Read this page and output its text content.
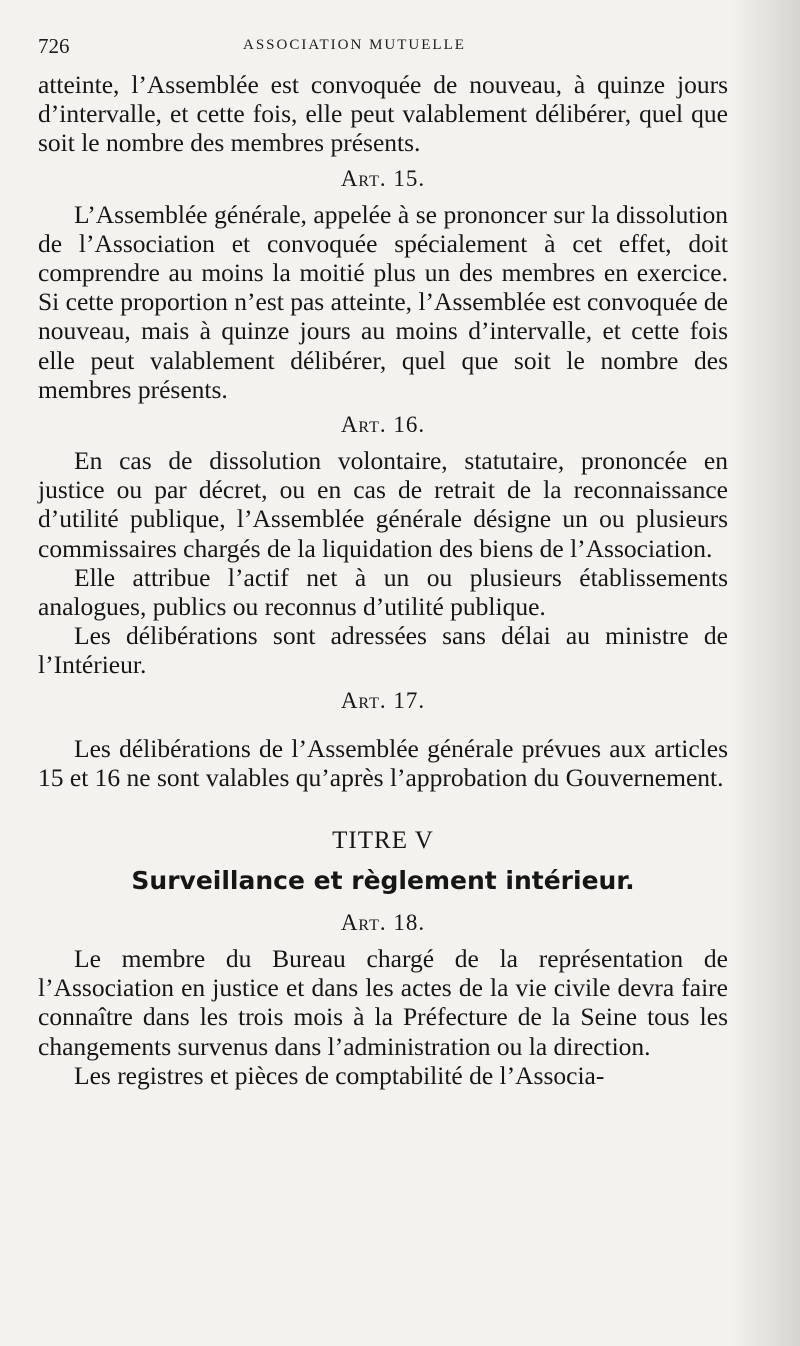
726	ASSOCIATION MUTUELLE

atteinte, l’Assemblée est convoquée de nouveau, à quinze jours d’intervalle, et cette fois, elle peut valablement délibérer, quel que soit le nombre des membres présents.

Art. 15.

L’Assemblée générale, appelée à se prononcer sur la dissolution de l’Association et convoquée spécialement à cet effet, doit comprendre au moins la moitié plus un des membres en exercice. Si cette proportion n’est pas atteinte, l’Assemblée est convoquée de nouveau, mais à quinze jours au moins d’intervalle, et cette fois elle peut valablement délibérer, quel que soit le nombre des membres présents.

Art. 16.

En cas de dissolution volontaire, statutaire, prononcée en justice ou par décret, ou en cas de retrait de la reconnaissance d’utilité publique, l’Assemblée générale désigne un ou plusieurs commissaires chargés de la liquidation des biens de l’Association.

Elle attribue l’actif net à un ou plusieurs établissements analogues, publics ou reconnus d’utilité publique.

Les délibérations sont adressées sans délai au ministre de l’Intérieur.

Art. 17.

Les délibérations de l’Assemblée générale prévues aux articles 15 et 16 ne sont valables qu’après l’approbation du Gouvernement.

TITRE V
Surveillance et règlement intérieur.
Art. 18.

Le membre du Bureau chargé de la représentation de l’Association en justice et dans les actes de la vie civile devra faire connaître dans les trois mois à la Préfecture de la Seine tous les changements survenus dans l’administration ou la direction.

Les registres et pièces de comptabilité de l’Associa-
